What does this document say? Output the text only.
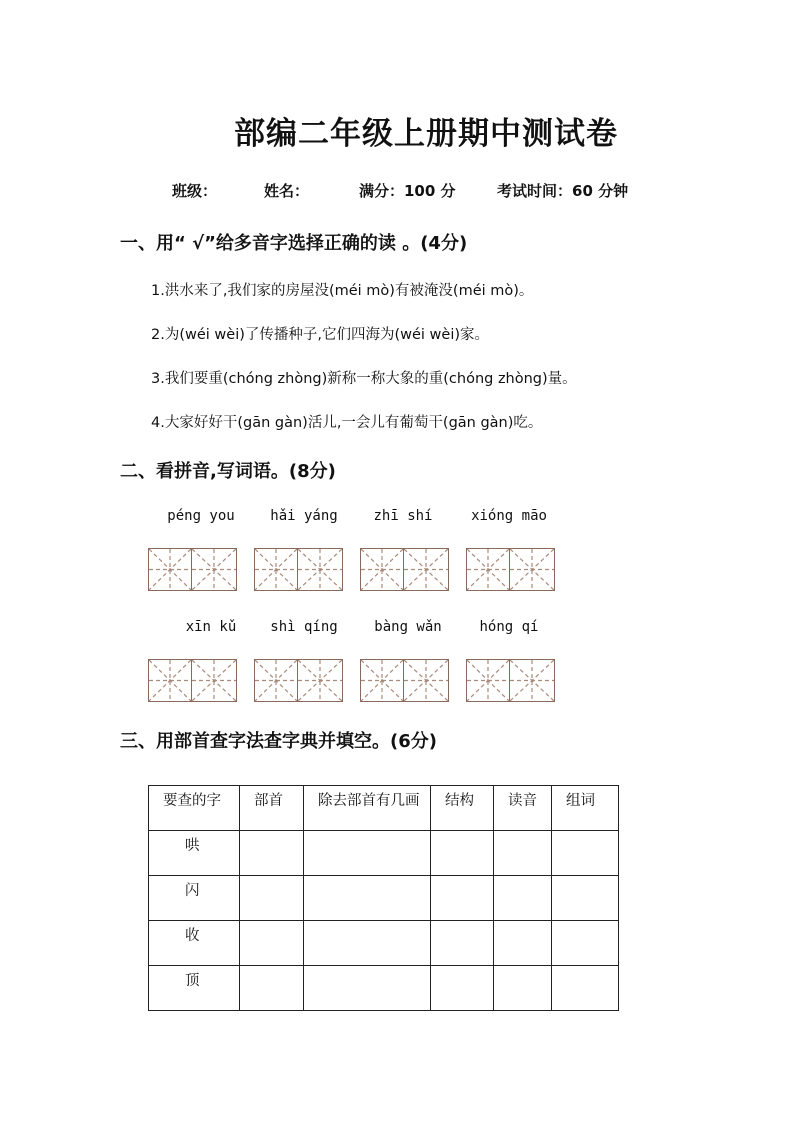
部编二年级上册期中测试卷
班级：	姓名：	满分：100 分	考试时间：60 分钟
一、用“ √”给多音字选择正确的读 。(4分)
1.洪水来了,我们家的房屋没(méi mò)有被淹没(méi mò)。
2.为(wéi wèi)了传播种子,它们四海为(wéi wèi)家。
3.我们要重(chóng zhòng)新称一称大象的重(chóng zhòng)量。
4.大家好好干(gān gàn)活儿,一会儿有葡萄干(gān gàn)吃。
二、看拼音,写词语。(8分)
péng you	hǎi yáng	zhī shí	xióng māo
xīn kǔ	shì qíng	bàng wǎn	hóng qí
三、用部首查字法查字典并填空。(6分)
要查的字	部首	除去部首有几画	结构	读音	组词

哄					

闪					

收					

顶					
